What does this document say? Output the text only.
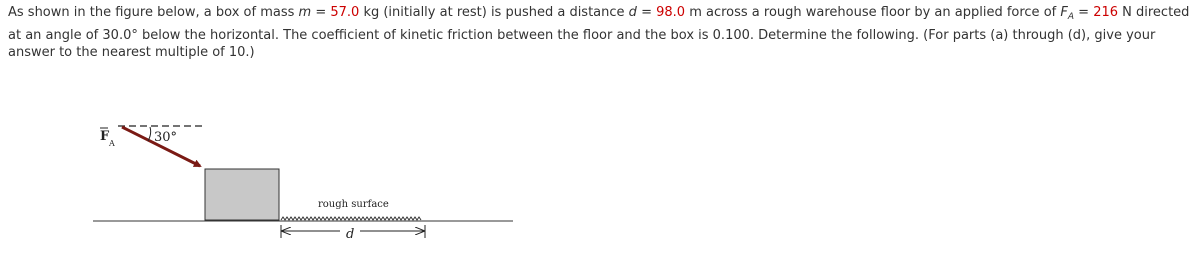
As shown in the figure below, a box of mass m = 57.0 kg (initially at rest) is pushed a distance d = 98.0 m across a rough warehouse floor by an applied force of $F_A = 216$ N directed at an angle of 30.0° below the horizontal. The coefficient of kinetic friction between the floor and the box is 0.100. Determine the following. (For parts (a) through (d), give your answer to the nearest multiple of 10.)
F A	30°
rough surface
d
